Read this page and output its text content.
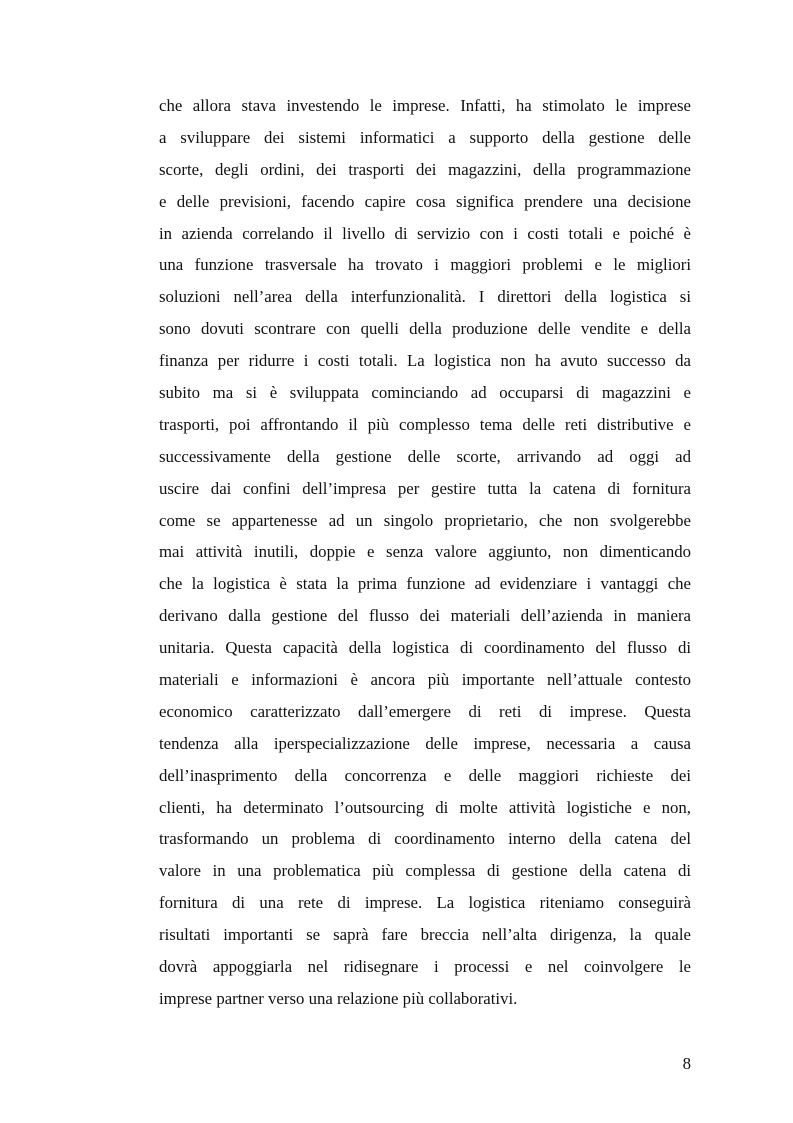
che allora stava investendo le imprese. Infatti, ha stimolato le imprese
a sviluppare dei sistemi informatici a supporto della gestione delle
scorte, degli ordini, dei trasporti dei magazzini, della programmazione
e delle previsioni, facendo capire cosa significa prendere una decisione
in azienda correlando il livello di servizio con i costi totali e poiché è
una funzione trasversale ha trovato i maggiori problemi e le migliori
soluzioni nell’area della interfunzionalità. I direttori della logistica si
sono dovuti scontrare con quelli della produzione delle vendite e della
finanza per ridurre i costi totali. La logistica non ha avuto successo da
subito ma si è sviluppata cominciando ad occuparsi di magazzini e
trasporti, poi affrontando il più complesso tema delle reti distributive e
successivamente della gestione delle scorte, arrivando ad oggi ad
uscire dai confini dell’impresa per gestire tutta la catena di fornitura
come se appartenesse ad un singolo proprietario, che non svolgerebbe
mai attività inutili, doppie e senza valore aggiunto, non dimenticando
che la logistica è stata la prima funzione ad evidenziare i vantaggi che
derivano dalla gestione del flusso dei materiali dell’azienda in maniera
unitaria. Questa capacità della logistica di coordinamento del flusso di
materiali e informazioni è ancora più importante nell’attuale contesto
economico caratterizzato dall’emergere di reti di imprese. Questa
tendenza alla iperspecializzazione delle imprese, necessaria a causa
dell’inasprimento della concorrenza e delle maggiori richieste dei
clienti, ha determinato l’outsourcing di molte attività logistiche e non,
trasformando un problema di coordinamento interno della catena del
valore in una problematica più complessa di gestione della catena di
fornitura di una rete di imprese. La logistica riteniamo conseguirà
risultati importanti se saprà fare breccia nell’alta dirigenza, la quale
dovrà appoggiarla nel ridisegnare i processi e nel coinvolgere le
imprese partner verso una relazione più collaborativi.
8
